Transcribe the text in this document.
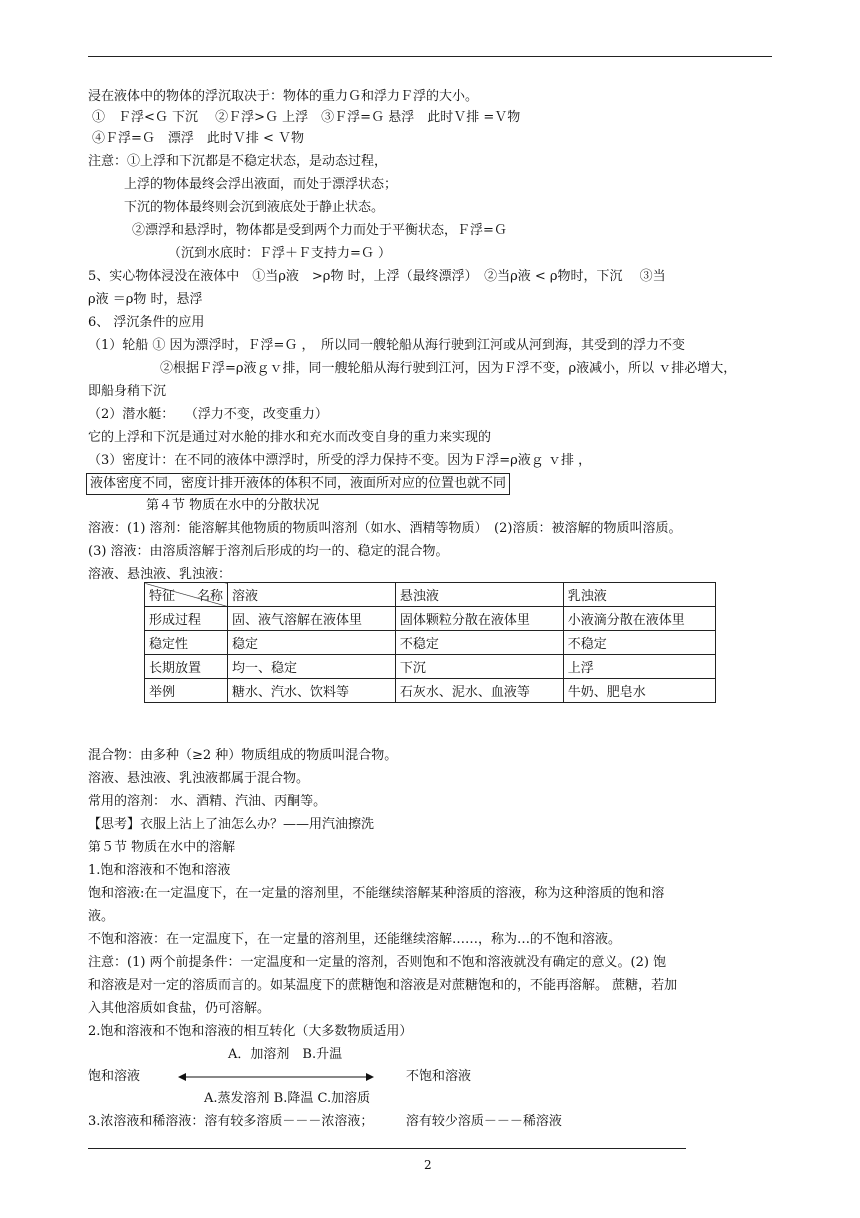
浸在液体中的物体的浮沉取决于：物体的重力Ｇ和浮力Ｆ浮的大小。
①　Ｆ浮<Ｇ 下沉　 ②Ｆ浮>Ｇ 上浮　③Ｆ浮=Ｇ 悬浮　此时Ｖ排 =Ｖ物
④Ｆ浮=Ｇ　漂浮　此时Ｖ排 < Ｖ物
注意：①上浮和下沉都是不稳定状态，是动态过程，
上浮的物体最终会浮出液面，而处于漂浮状态；
下沉的物体最终则会沉到液底处于静止状态。
②漂浮和悬浮时，物体都是受到两个力而处于平衡状态，Ｆ浮=Ｇ
（沉到水底时：Ｆ浮＋Ｆ支持力=Ｇ ）
5、实心物体浸没在液体中　①当ρ液　>ρ物 时，上浮（最终漂浮）　②当ρ液 < ρ物时，下沉　 ③当
ρ液 ＝ρ物 时，悬浮
6、 浮沉条件的应用
（1）轮船 ① 因为漂浮时，Ｆ浮=Ｇ ，　所以同一艘轮船从海行驶到江河或从河到海，其受到的浮力不变
②根据Ｆ浮=ρ液ｇｖ排，同一艘轮船从海行驶到江河，因为Ｆ浮不变，ρ液减小，所以 ｖ排必增大，
即船身稍下沉
（2）潜水艇：　 （浮力不变，改变重力）
它的上浮和下沉是通过对水舱的排水和充水而改变自身的重力来实现的
（3）密度计：在不同的液体中漂浮时，所受的浮力保持不变。因为Ｆ浮=ρ液ｇ ｖ排 ，
液体密度不同，密度计排开液体的体积不同，液面所对应的位置也就不同
第４节 物质在水中的分散状况
溶液：(1) 溶剂：能溶解其他物质的物质叫溶剂（如水、酒精等物质）　(2)溶质：被溶解的物质叫溶质。
(3) 溶液：由溶质溶解于溶剂后形成的均一的、稳定的混合物。
溶液、悬浊液、乳浊液：
名称
特征	溶液	悬浊液	乳浊液
形成过程	固、液气溶解在液体里	固体颗粒分散在液体里	小液滴分散在液体里
稳定性	稳定	不稳定	不稳定
长期放置	均一、稳定	下沉	上浮
举例	糖水、汽水、饮料等	石灰水、泥水、血液等	牛奶、肥皂水
混合物：由多种（≥2 种）物质组成的物质叫混合物。
溶液、悬浊液、乳浊液都属于混合物。
常用的溶剂： 水、酒精、汽油、丙酮等。
【思考】衣服上沾上了油怎么办？——用汽油擦洗
第５节 物质在水中的溶解
1.饱和溶液和不饱和溶液
饱和溶液:在一定温度下，在一定量的溶剂里，不能继续溶解某种溶质的溶液，称为这种溶质的饱和溶
液。
不饱和溶液：在一定温度下，在一定量的溶剂里，还能继续溶解……，称为…的不饱和溶液。
注意：(1) 两个前提条件：一定温度和一定量的溶剂，否则饱和不饱和溶液就没有确定的意义。(2) 饱
和溶液是对一定的溶质而言的。如某温度下的蔗糖饱和溶液是对蔗糖饱和的，不能再溶解。 蔗糖，若加
入其他溶质如食盐，仍可溶解。
2.饱和溶液和不饱和溶液的相互转化（大多数物质适用）
A．加溶剂　B.升温
饱和溶液	不饱和溶液
A.蒸发溶剂 B.降温 C.加溶质
3.浓溶液和稀溶液：溶有较多溶质－－－浓溶液；　　　溶有较少溶质－－－稀溶液
2
